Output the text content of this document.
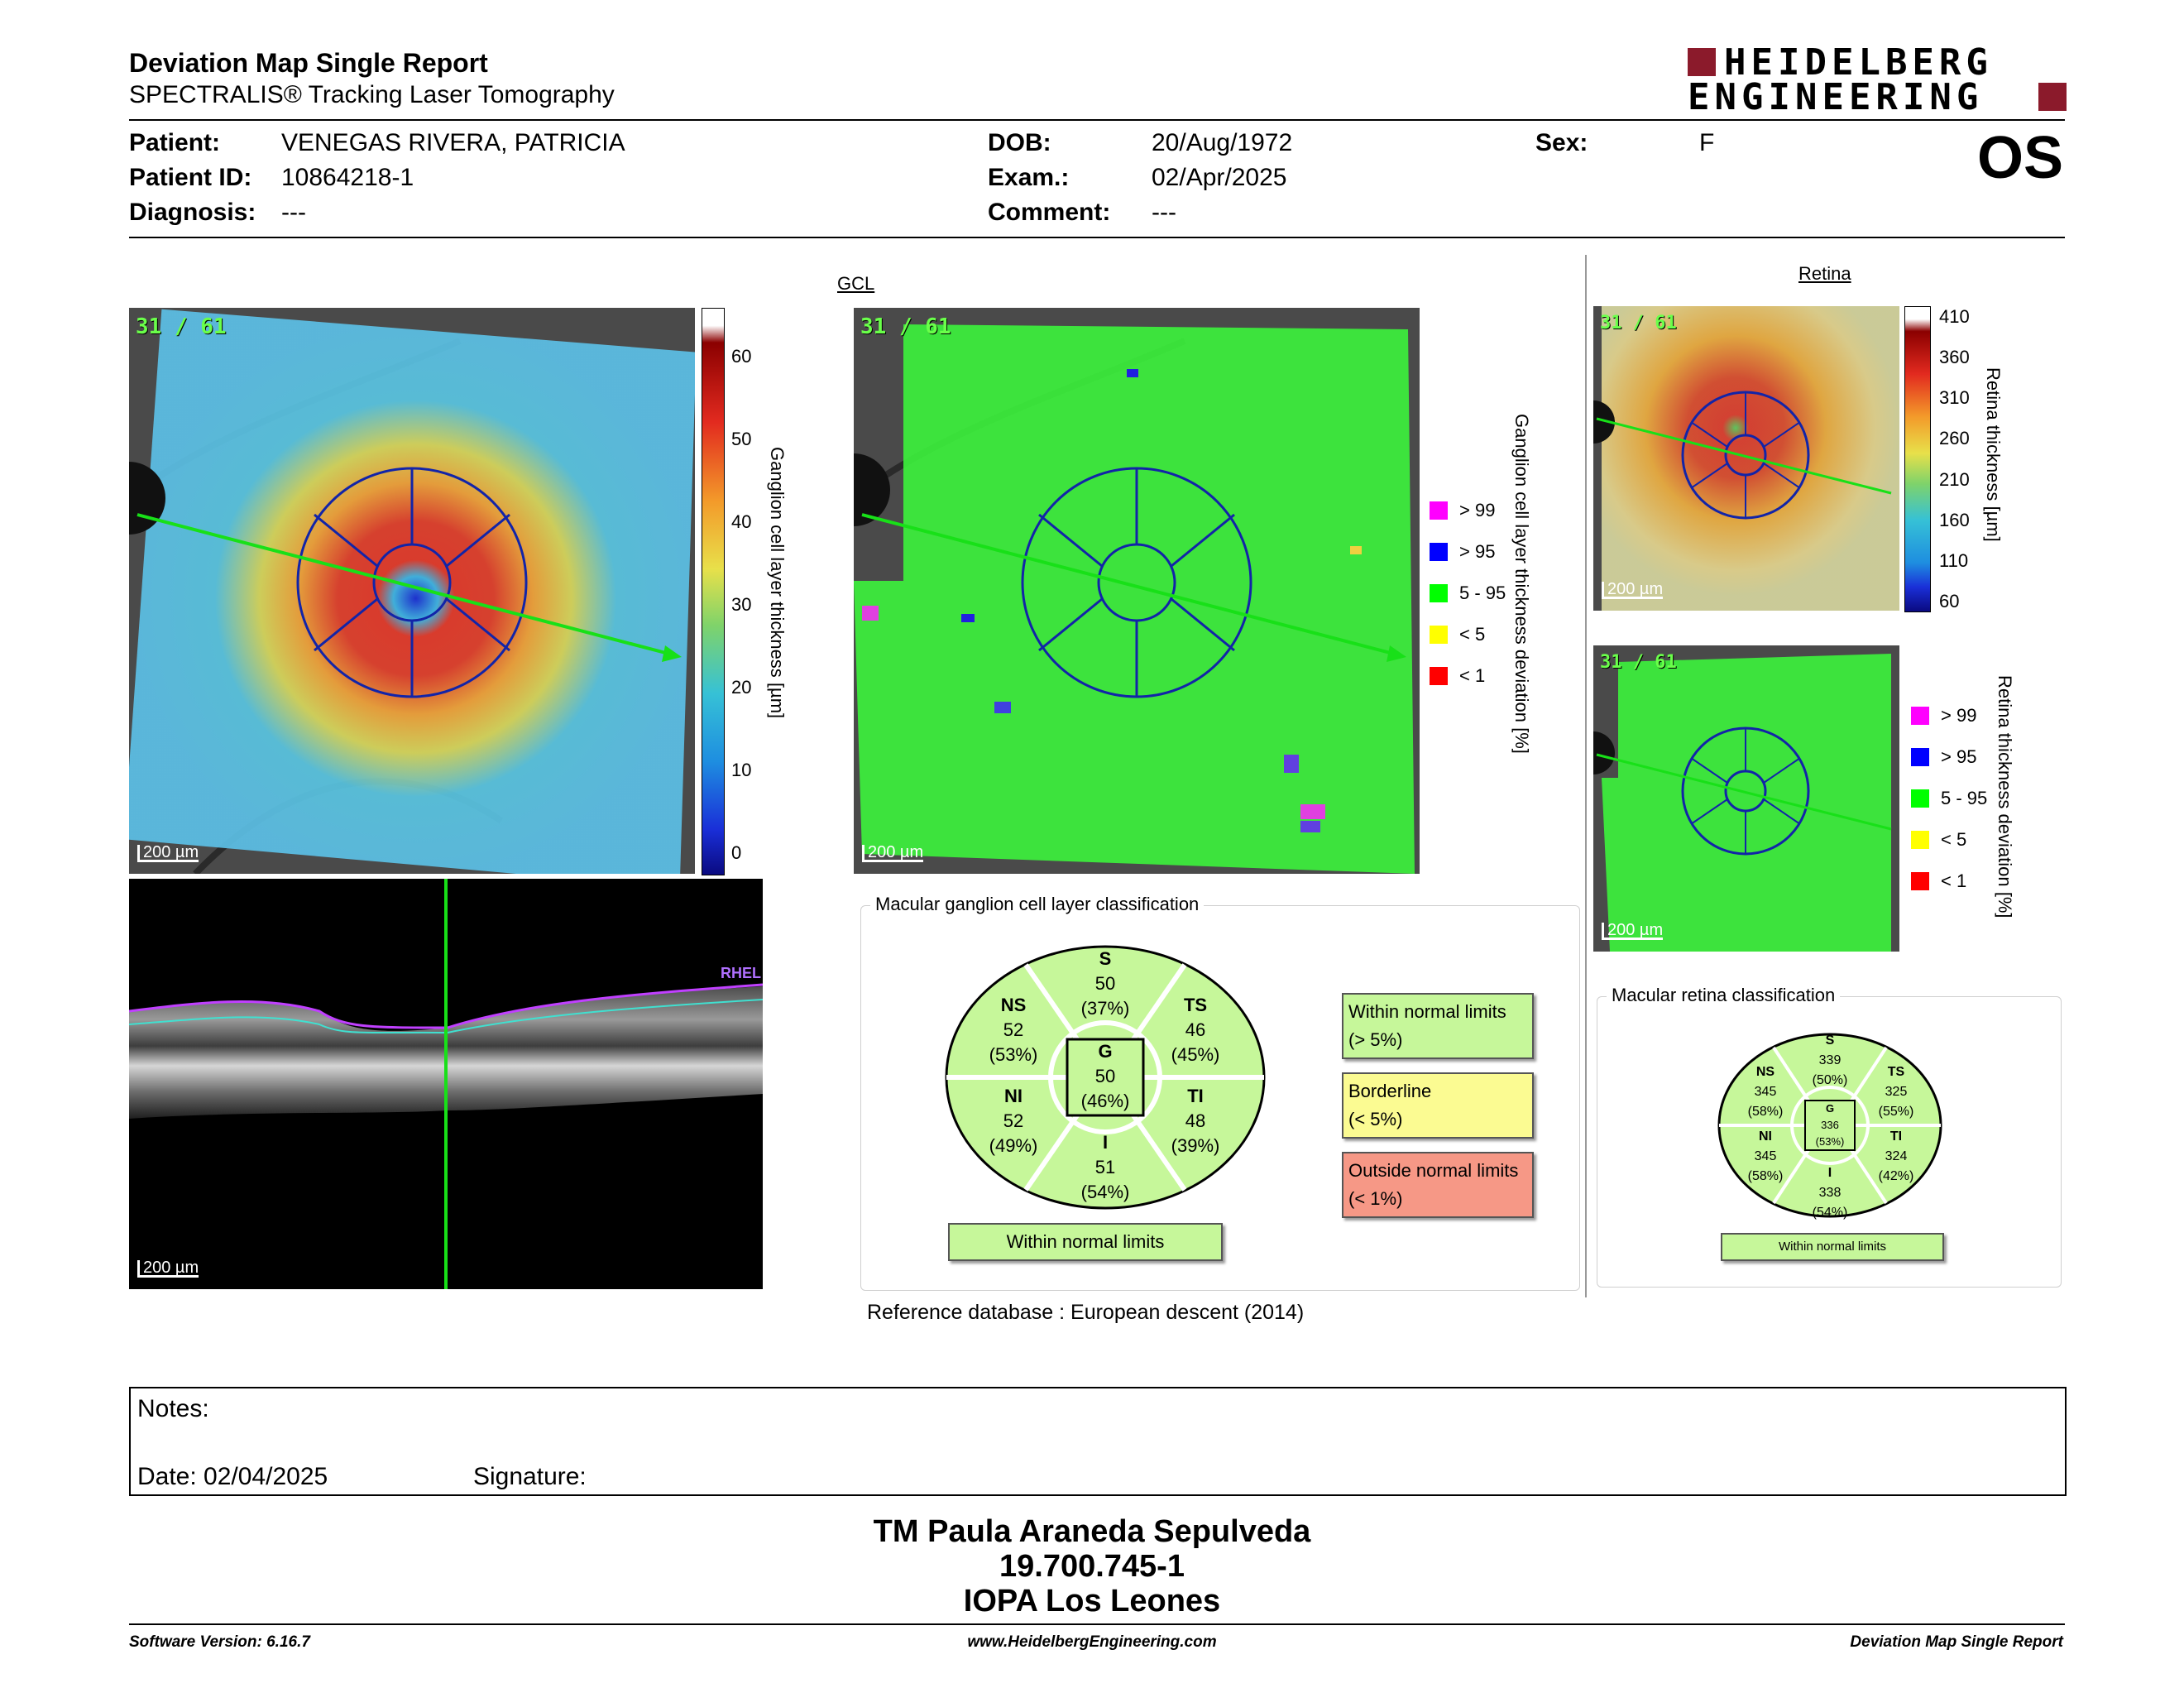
Deviation Map Single Report
SPECTRALIS® Tracking Laser Tomography
HEIDELBERG
ENGINEERING
Patient: VENEGAS RIVERA, PATRICIA
Patient ID: 10864218-1
Diagnosis: ---
DOB:	20/Aug/1972
Exam.:	02/Apr/2025
Comment: ---
Sex:	F	OS
31 / 61
200 µm
60
50
40
30
20
10
0
Ganglion cell layer thickness [µm]
RHEL
200 µm
GCL
31 / 61
200 µm
> 99
> 95
5 - 95
< 5
< 1 Ganglion cell layer thickness deviation [%]
Retina
31 / 61
200 µm
410
360
310
260
210
160
110
60
Retina thickness [µm]
31 / 61
200 µm
> 99
> 95
5 - 95
< 5
< 1 Retina thickness deviation [%]
Macular ganglion cell layer classification
S
50
(37%)
NS
52
(53%)
TS
46
(45%)
G
50
(46%)
NI
52
(49%)
TI
48
(39%)
I
51
(54%)
Within normal limits
Within normal limits
(> 5%)
Borderline
(< 5%)
Outside normal limits
(< 1%)
Macular retina classification
S
339
(50%)
NS
345
(58%)
TS
325
(55%)
G
336
(53%)
NI
345
(58%)
TI
324
(42%)
I
338
(54%)
Within normal limits
Reference database : European descent (2014)
Notes:
Date: 02/04/2025	Signature:
TM Paula Araneda Sepulveda
19.700.745-1
IOPA Los Leones
Software Version: 6.16.7	www.HeidelbergEngineering.com	Deviation Map Single Report
